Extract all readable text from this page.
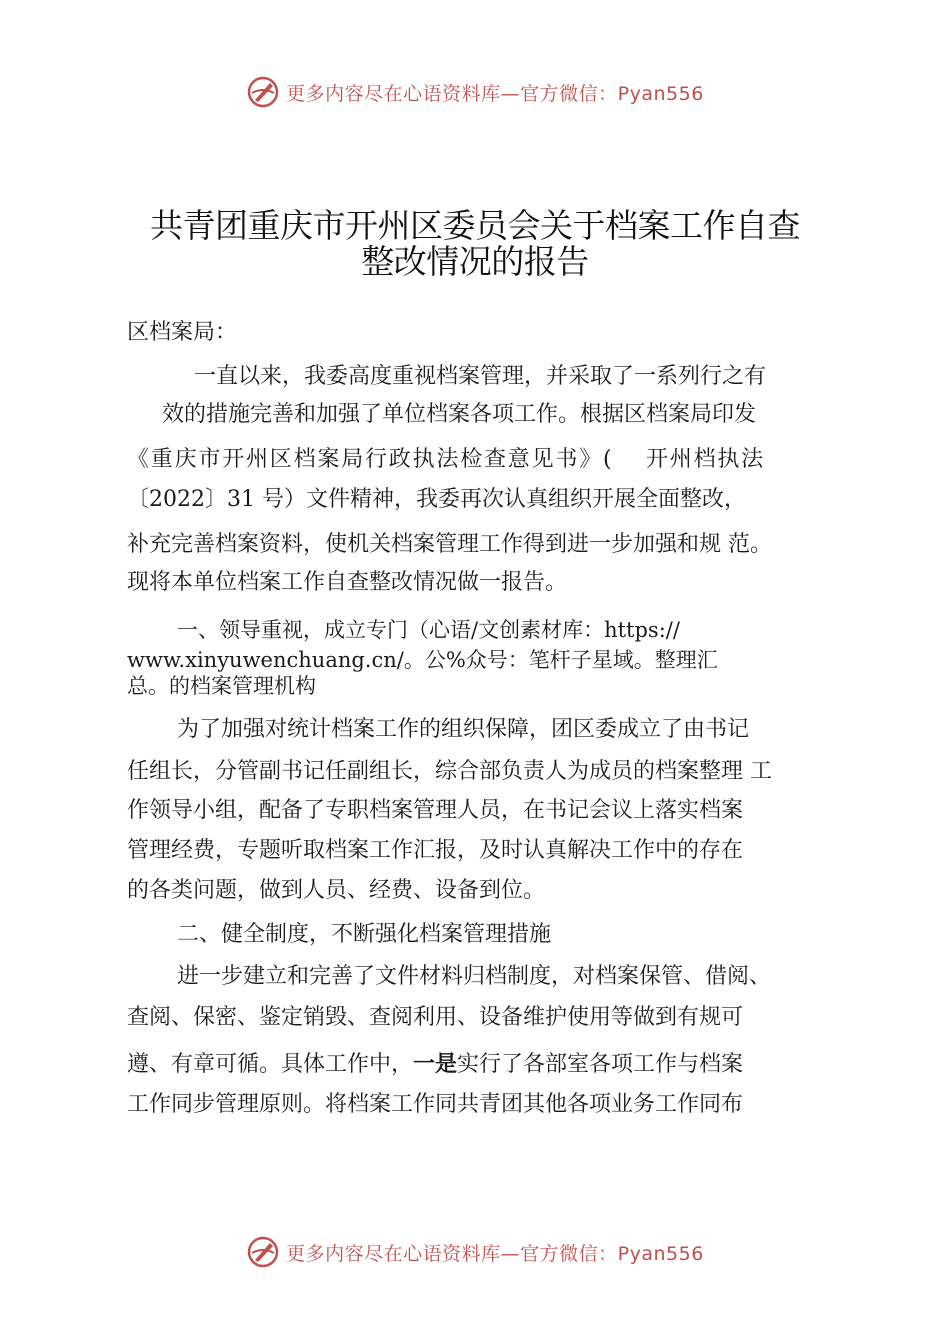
更多内容尽在心语资料库—官方微信：Pyan556
共青团重庆市开州区委员会关于档案工作自查
整改情况的报告
区档案局：
一直以来，我委高度重视档案管理，并采取了一系列行之有
效的措施完善和加强了单位档案各项工作。根据区档案局印发
《重庆市开州区档案局行政执法检查意见书》(　 开州档执法
〔2022〕31 号）文件精神，我委再次认真组织开展全面整改，
补充完善档案资料，使机关档案管理工作得到进一步加强和规 范。
现将本单位档案工作自查整改情况做一报告。
一、领导重视，成立专门（心语/文创素材库：https://
www.xinyuwenchuang.cn/。公%众号：笔杆子星域。整理汇
总。的档案管理机构
为了加强对统计档案工作的组织保障，团区委成立了由书记
任组长，分管副书记任副组长，综合部负责人为成员的档案整理 工
作领导小组，配备了专职档案管理人员，在书记会议上落实档案
管理经费，专题听取档案工作汇报，及时认真解决工作中的存在
的各类问题，做到人员、经费、设备到位。
二、健全制度，不断强化档案管理措施
进一步建立和完善了文件材料归档制度，对档案保管、借阅、
查阅、保密、鉴定销毁、查阅利用、设备维护使用等做到有规可
遵、有章可循。具体工作中，一是实行了各部室各项工作与档案
工作同步管理原则。将档案工作同共青团其他各项业务工作同布
更多内容尽在心语资料库—官方微信：Pyan556
